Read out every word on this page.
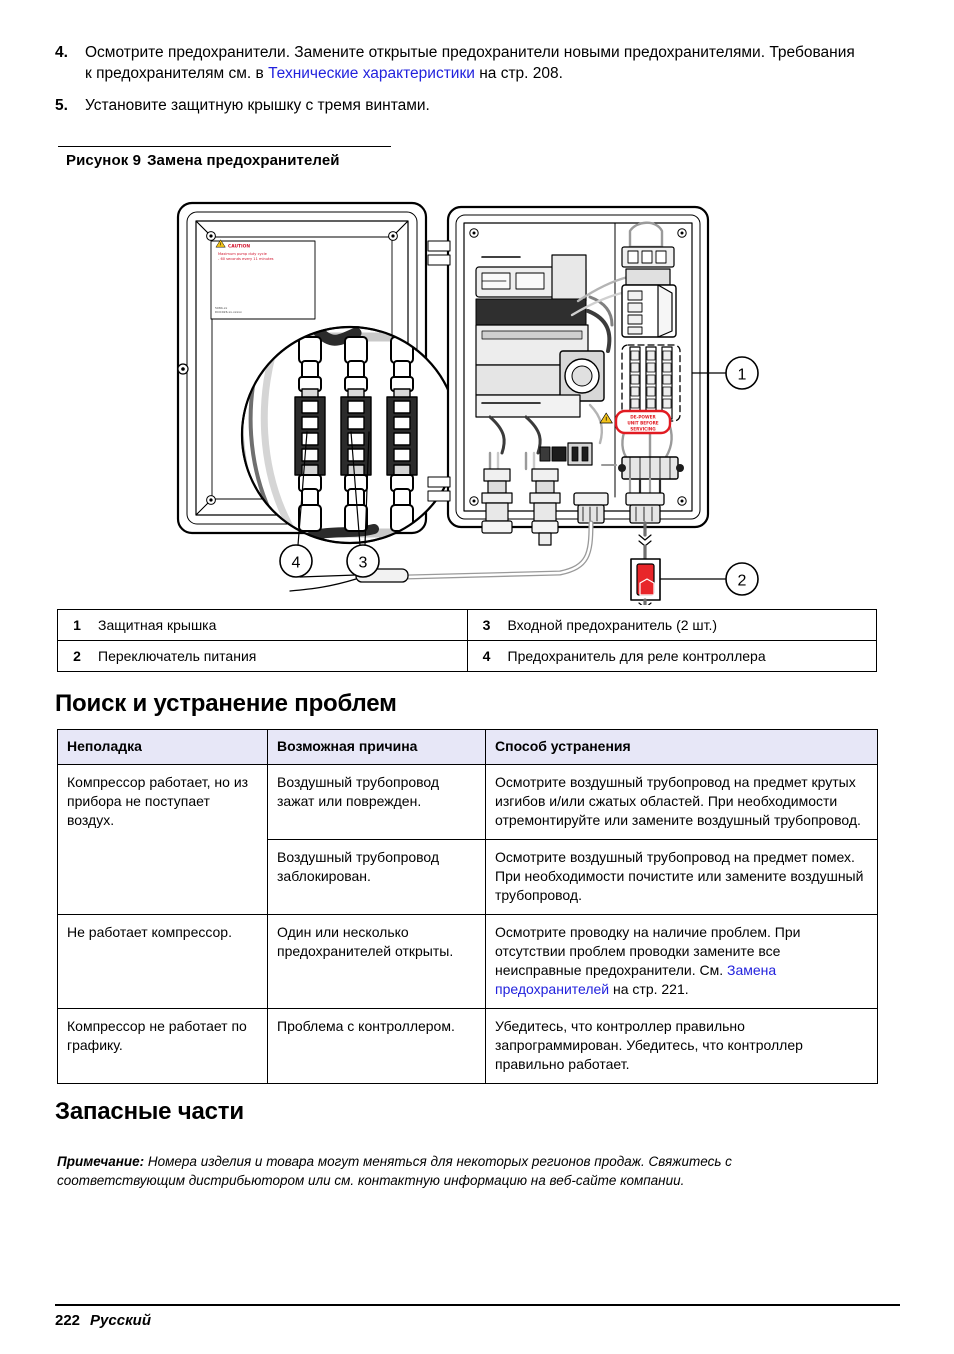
4.	Осмотрите предохранители. Замените открытые предохранители новыми предохранителями. Требования к предохранителям см. в Технические характеристики на стр. 208.
5.	Установите защитную крышку с тремя винтами.
Рисунок 9 Замена предохранителей
CAUTION
Maximum pump duty cycle
- 60 seconds every 11 minutes
5084-xx
DOC026.xx.xxxxx
DE-POWER
UNIT BEFORE
SERVICING
1
2
3
4
1	Защитная крышка	3	Входной предохранитель (2 шт.)
2	Переключатель питания	4	Предохранитель для реле контроллера
Поиск и устранение проблем
Неполадка	Возможная причина	Способ устранения
Компрессор работает, но из прибора не поступает воздух.	Воздушный трубопровод зажат или поврежден.	Осмотрите воздушный трубопровод на предмет крутых изгибов и/или сжатых областей. При необходимости отремонтируйте или замените воздушный трубопровод.
	Воздушный трубопровод заблокирован.	Осмотрите воздушный трубопровод на предмет помех. При необходимости почистите или замените воздушный трубопровод.
Не работает компрессор.	Один или несколько предохранителей открыты.	Осмотрите проводку на наличие проблем. При отсутствии проблем проводки замените все неисправные предохранители. См. Замена предохранителей на стр. 221.
Компрессор не работает по графику.	Проблема с контроллером.	Убедитесь, что контроллер правильно запрограммирован. Убедитесь, что контроллер правильно работает.
Запасные части
Примечание: Номера изделия и товара могут меняться для некоторых регионов продаж. Свяжитесь с соответствующим дистрибьютором или см. контактную информацию на веб-сайте компании.
222 Русский
